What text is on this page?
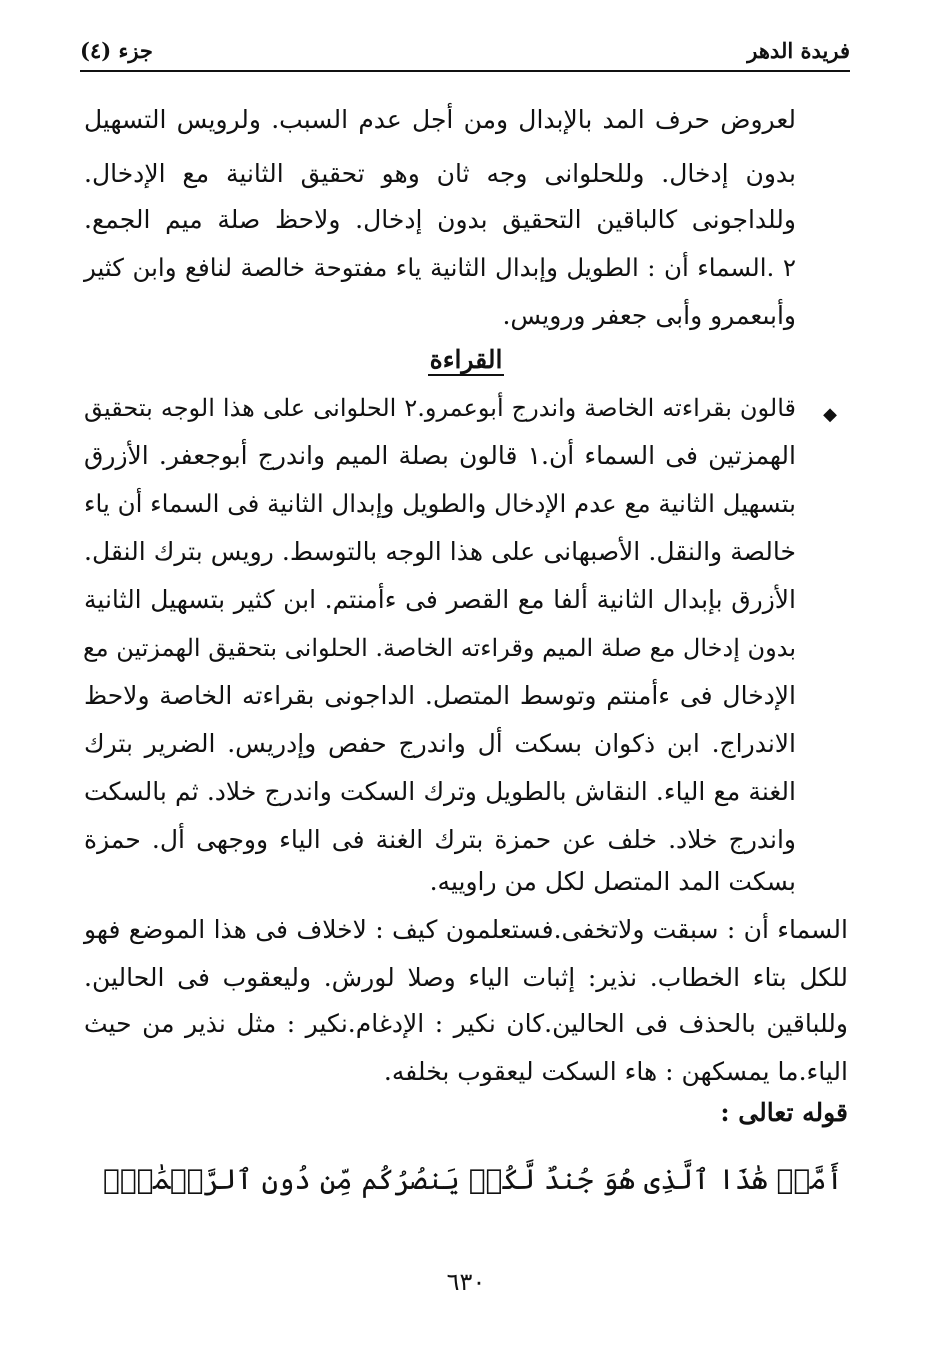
فريدة الدهر
جزء (٤)
لعروض حرف المد بالإبدال ومن أجل عدم السبب. ولرويس التسهيل
بدون إدخال. وللحلوانى وجه ثان وهو تحقيق الثانية مع الإدخال.
وللداجونى كالباقين التحقيق بدون إدخال. ولاحظ صلة ميم الجمع.
٢ .السماء أن : الطويل وإبدال الثانية ياء مفتوحة خالصة لنافع وابن كثير
وأبىعمرو وأبى جعفر ورويس.
القراءة
◆
قالون بقراءته الخاصة واندرج أبوعمرو.٢ الحلوانى على هذا الوجه بتحقيق
الهمزتين فى السماء أن.١ قالون بصلة الميم واندرج أبوجعفر. الأزرق
بتسهيل الثانية مع عدم الإدخال والطويل وإبدال الثانية فى السماء أن ياء
خالصة والنقل. الأصبهانى على هذا الوجه بالتوسط. رويس بترك النقل.
الأزرق بإبدال الثانية ألفا مع القصر فى ءأمنتم. ابن كثير بتسهيل الثانية
بدون إدخال مع صلة الميم وقراءته الخاصة. الحلوانى بتحقيق الهمزتين مع
الإدخال فى ءأمنتم وتوسط المتصل. الداجونى بقراءته الخاصة ولاحظ
الاندراج. ابن ذكوان بسكت أل واندرج حفص وإدريس. الضرير بترك
الغنة مع الياء. النقاش بالطويل وترك السكت واندرج خلاد. ثم بالسكت
واندرج خلاد. خلف عن حمزة بترك الغنة فى الياء ووجهى أل. حمزة
بسكت المد المتصل لكل من راوييه.
السماء أن : سبقت ولاتخفى.فستعلمون كيف : لاخلاف فى هذا الموضع فهو
للكل بتاء الخطاب. نذير: إثبات الياء وصلا لورش. وليعقوب فى الحالين.
وللباقين بالحذف فى الحالين.كان نكير : الإدغام.نكير : مثل نذير من حيث
الياء.ما يمسكهن : هاء السكت ليعقوب بخلفه.
قوله تعالى :
أَمَّنۡ هَٰذَا ٱلَّذِى هُوَ جُندٌ لَّكُمۡ يَنصُرُكُم مِّن دُونِ ٱلرَّحۡمَٰنِۚ
٦٣٠
